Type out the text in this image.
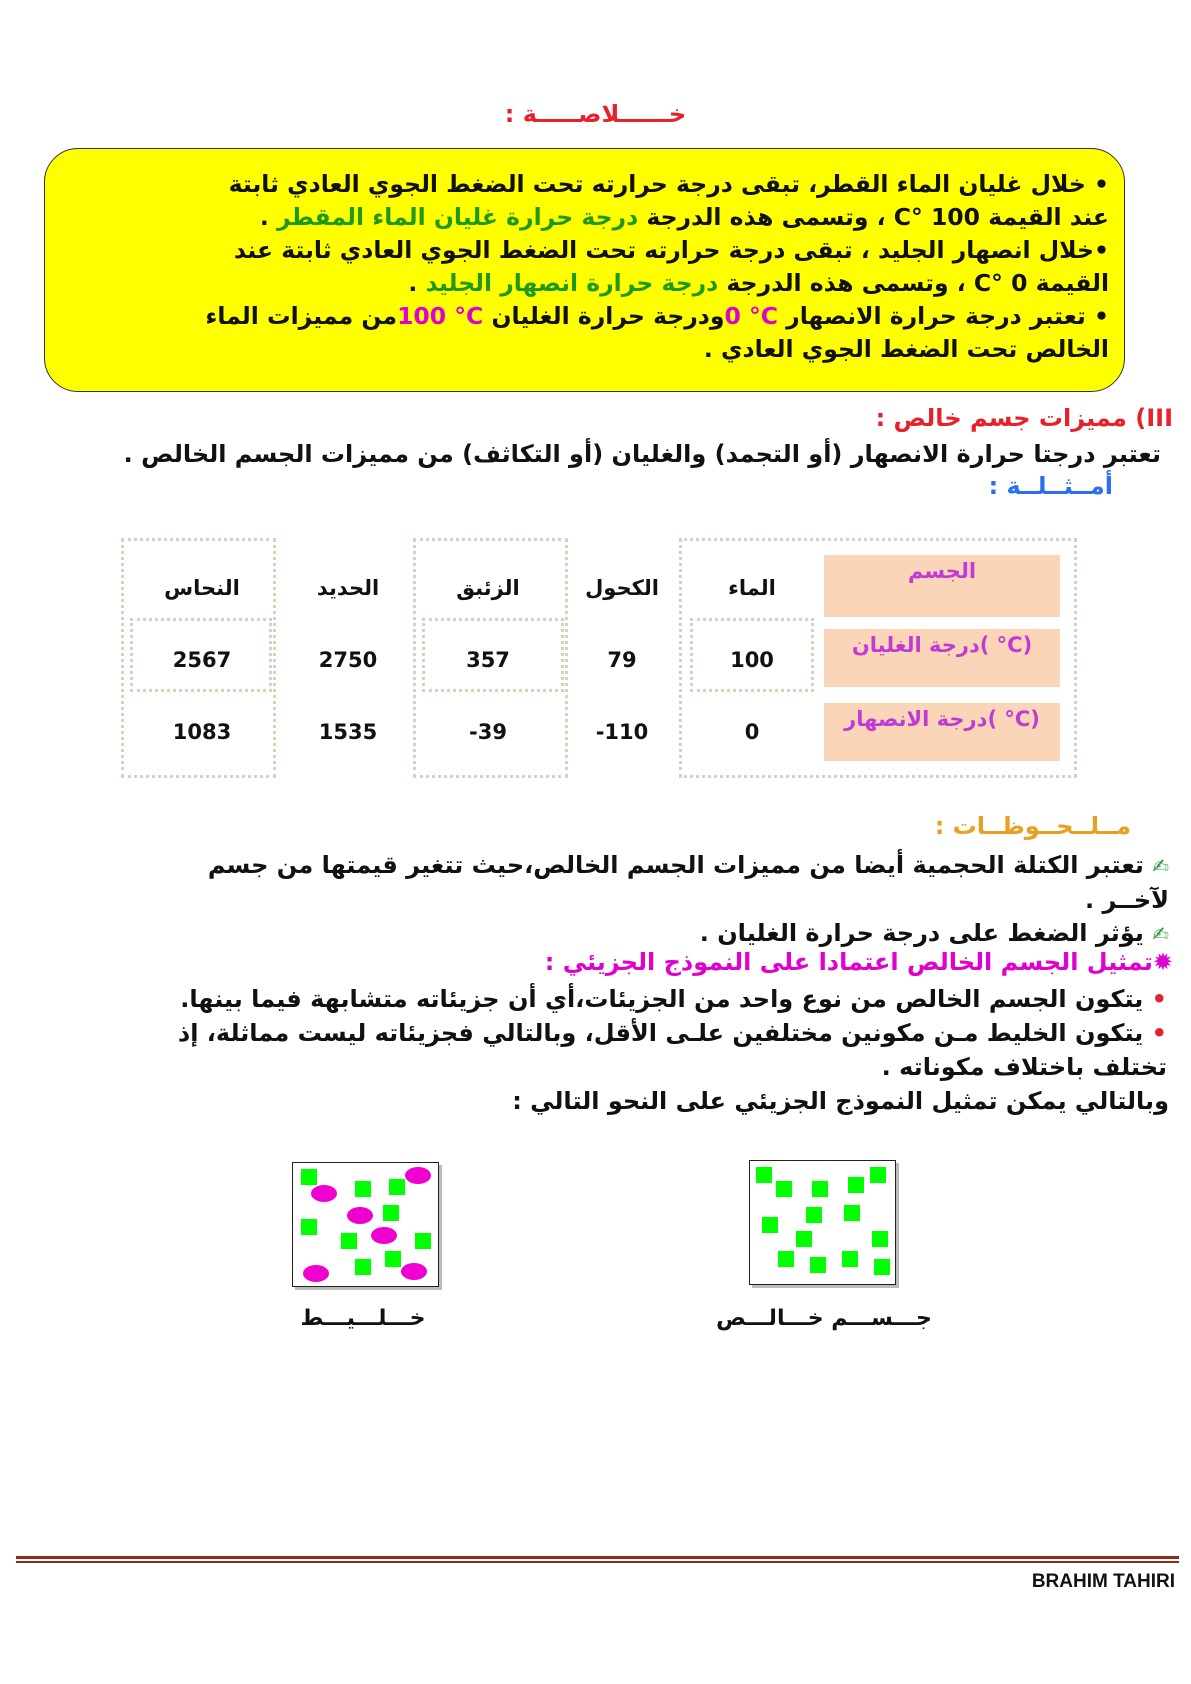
خــــــلاصـــــة :
• خلال غليان الماء القطر، تبقى درجة حرارته تحت الضغط الجوي العادي ثابتة
عند القيمة 100 °C ، وتسمى هذه الدرجة درجة حرارة غليان الماء المقطر .
•خلال انصهار الجليد ، تبقى درجة حرارته تحت الضغط الجوي العادي ثابتة عند
القيمة 0 °C ، وتسمى هذه الدرجة درجة حرارة انصهار الجليد .
• تعتبر درجة حرارة الانصهار 0 °Cودرجة حرارة الغليان 100 °Cمن مميزات الماء
الخالص تحت الضغط الجوي العادي .
III) مميزات جسم خالص :
تعتبر درجتا حرارة الانصهار (أو التجمد) والغليان (أو التكاثف) من مميزات الجسم الخالص .
أمــثــلــة :
الجسم
درجة الغليان( °C)
درجة الانصهار( °C)
الماء
الكحول
الزئبق
الحديد
النحاس
100
79
357
2750
2567
0
-110
-39
1535
1083
مــلــحــوظــات :
✍ تعتبر الكتلة الحجمية أيضا من مميزات الجسم الخالص،حيث تتغير قيمتها من جسم
لآخــر .
✍ يؤثر الضغط على درجة حرارة الغليان .
✹تمثيل الجسم الخالص اعتمادا على النموذج الجزيئي :
• يتكون الجسم الخالص من نوع واحد من الجزيئات،أي أن جزيئاته متشابهة فيما بينها.
• يتكون الخليط مـن مكونين مختلفين علـى الأقل، وبالتالي فجزيئاته ليست مماثلة، إذ
تختلف باختلاف مكوناته .
وبالتالي يمكن تمثيل النموذج الجزيئي على النحو التالي :
جـــســـم خـــالـــص
خـــلـــيـــط
BRAHIM TAHIRI
